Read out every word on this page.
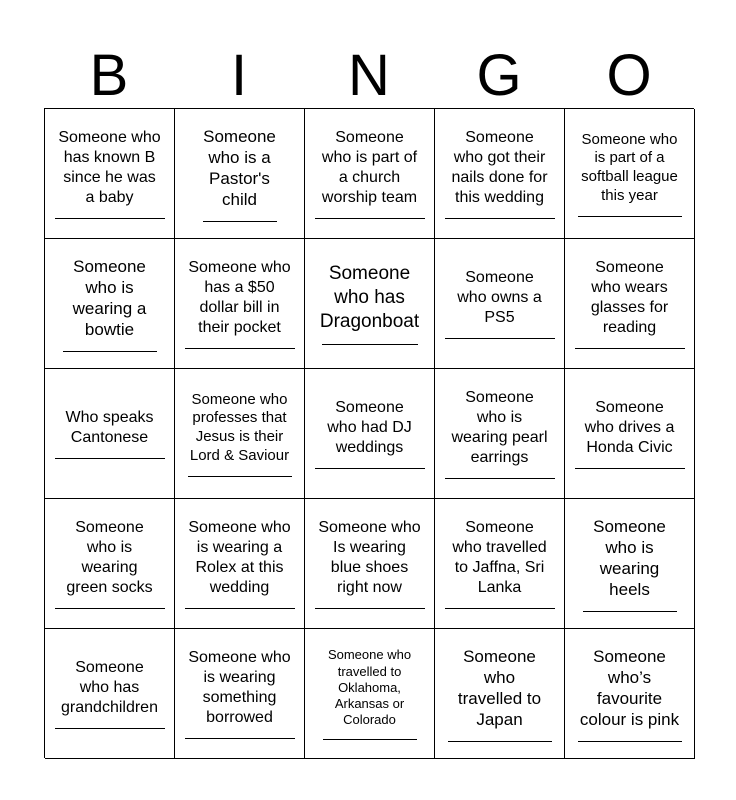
B	I	N	G	O
Someone who
has known B
since he was
a baby
Someone
who is a
Pastor's
child
Someone
who is part of
a church
worship team
Someone
who got their
nails done for
this wedding
Someone who
is part of a
softball league
this year
Someone
who is
wearing a
bowtie
Someone who
has a $50
dollar bill in
their pocket
Someone
who has
Dragonboat
Someone
who owns a
PS5
Someone
who wears
glasses for
reading
Who speaks
Cantonese
Someone who
professes that
Jesus is their
Lord & Saviour
Someone
who had DJ
weddings
Someone
who is
wearing pearl
earrings
Someone
who drives a
Honda Civic
Someone
who is
wearing
green socks
Someone who
is wearing a
Rolex at this
wedding
Someone who
Is wearing
blue shoes
right now
Someone
who travelled
to Jaffna, Sri
Lanka
Someone
who is
wearing
heels
Someone
who has
grandchildren
Someone who
is wearing
something
borrowed
Someone who
travelled to
Oklahoma,
Arkansas or
Colorado
Someone
who
travelled to
Japan
Someone
who’s
favourite
colour is pink
